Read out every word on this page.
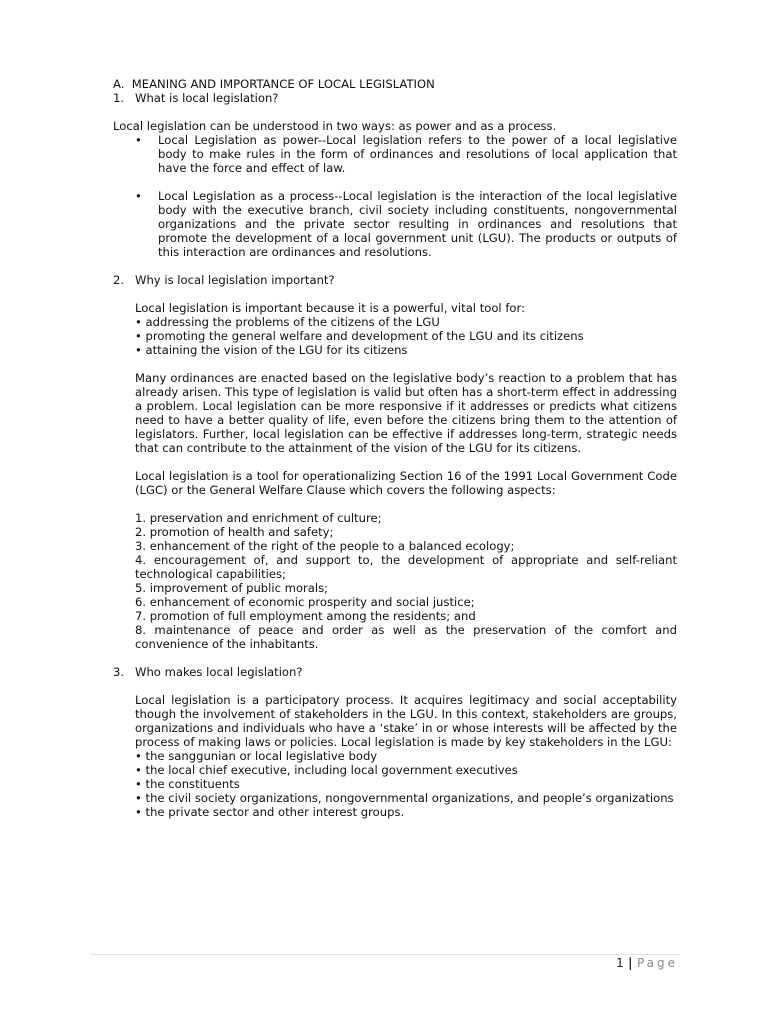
A.  MEANING AND IMPORTANCE OF LOCAL LEGISLATION

1. What is local legislation?

Local legislation can be understood in two ways: as power and as a process.

• Local Legislation as power--Local legislation refers to the power of a local legislative body to make rules in the form of ordinances and resolutions of local application that have the force and effect of law.

• Local Legislation as a process--Local legislation is the interaction of the local legislative body with the executive branch, civil society including constituents, nongovernmental organizations and the private sector resulting in ordinances and resolutions that promote the development of a local government unit (LGU). The products or outputs of this interaction are ordinances and resolutions.

2. Why is local legislation important?

Local legislation is important because it is a powerful, vital tool for:

• addressing the problems of the citizens of the LGU

• promoting the general welfare and development of the LGU and its citizens

• attaining the vision of the LGU for its citizens

Many ordinances are enacted based on the legislative body’s reaction to a problem that has already arisen. This type of legislation is valid but often has a short-term effect in addressing a problem. Local legislation can be more responsive if it addresses or predicts what citizens need to have a better quality of life, even before the citizens bring them to the attention of legislators. Further, local legislation can be effective if addresses long-term, strategic needs that can contribute to the attainment of the vision of the LGU for its citizens.

Local legislation is a tool for operationalizing Section 16 of the 1991 Local Government Code (LGC) or the General Welfare Clause which covers the following aspects:

1. preservation and enrichment of culture;

2. promotion of health and safety;

3. enhancement of the right of the people to a balanced ecology;

4. encouragement of, and support to, the development of appropriate and self-reliant technological capabilities;

5. improvement of public morals;

6. enhancement of economic prosperity and social justice;

7. promotion of full employment among the residents; and

8. maintenance of peace and order as well as the preservation of the comfort and convenience of the inhabitants.

3. Who makes local legislation?

Local legislation is a participatory process. It acquires legitimacy and social acceptability though the involvement of stakeholders in the LGU. In this context, stakeholders are groups, organizations and individuals who have a ‘stake’ in or whose interests will be affected by the process of making laws or policies. Local legislation is made by key stakeholders in the LGU:

• the sanggunian or local legislative body

• the local chief executive, including local government executives

• the constituents

• the civil society organizations, nongovernmental organizations, and people’s organizations

• the private sector and other interest groups.

1 | Page
